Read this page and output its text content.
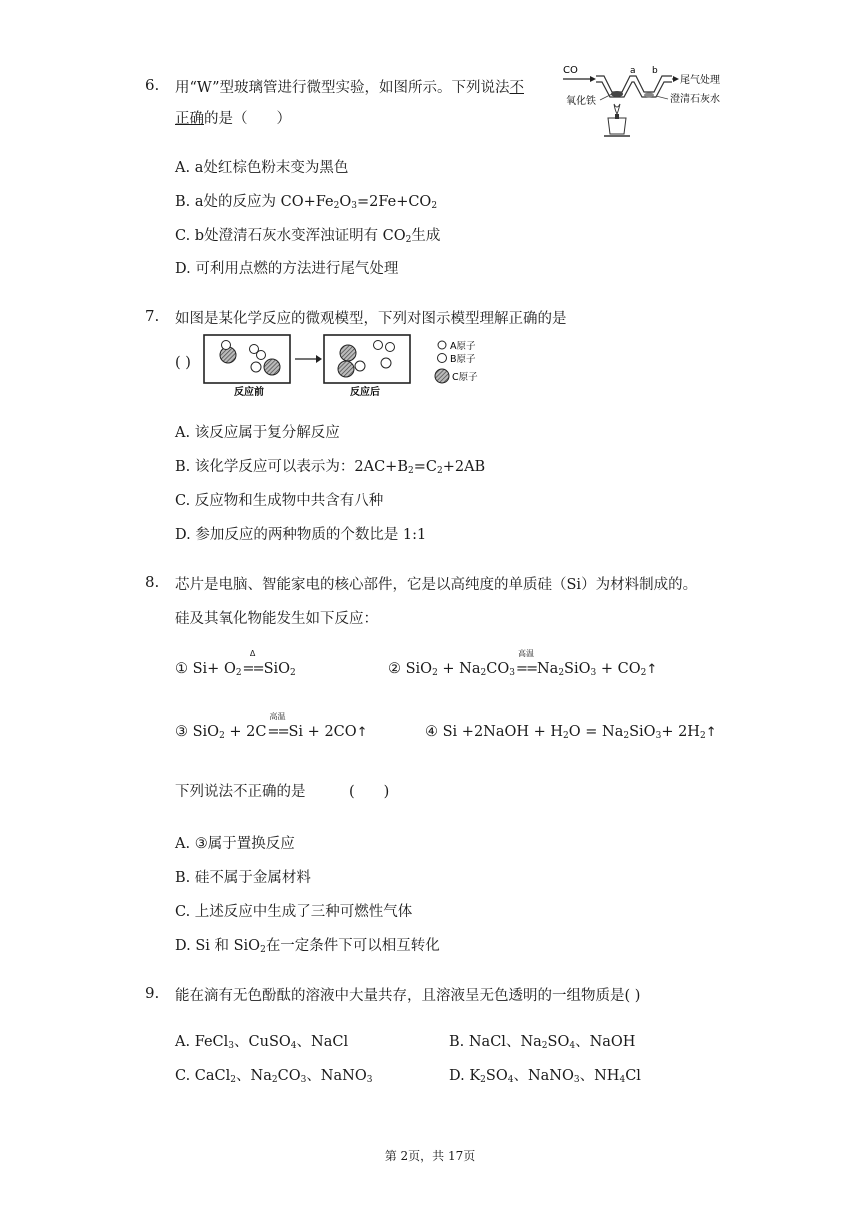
6. 用“W”型玻璃管进行微型实验，如图所示。下列说法不
正确的是（　　）
CO	a b
尾气处理
氧化铁	澄清石灰水
A. a处红棕色粉末变为黑色
B. a处的反应为 $CO+Fe_2O_3=2Fe+CO_2$
C. b处澄清石灰水变浑浊证明有 $CO_2$生成
D. 可利用点燃的方法进行尾气处理
7. 如图是某化学反应的微观模型，下列对图示模型理解正确的是
( )
反应前	反应后
A原子
B原子
C原子
A. 该反应属于复分解反应
B. 该化学反应可以表示为：$2AC+B_2=C_2+2AB$
C. 反应物和生成物中共含有八种
D. 参加反应的两种物质的个数比是 1:1
8. 芯片是电脑、智能家电的核心部件，它是以高纯度的单质硅（Si）为材料制成的。
硅及其氧化物能发生如下反应：
① $Si+ O_2$
Δ
==SiO$_2$	② $SiO_2 + Na_2CO_3$
高温
$==Na_2SiO_3$ + $CO_2↑$
③ SiO$_2$ + 2C
高温
==Si + 2CO↑	④ Si +2NaOH + $H_2O = Na_2SiO_3+$ $2H_2↑$
下列说法不正确的是　　　(　　)
A. ③属于置换反应
B. 硅不属于金属材料
C. 上述反应中生成了三种可燃性气体
D. Si 和 SiO$_2$在一定条件下可以相互转化
9. 能在滴有无色酚酞的溶液中大量共存，且溶液呈无色透明的一组物质是( )
A. FeCl$_3$、CuSO$_4$、NaCl	B. NaCl、$Na_2SO_4$、NaOH
C. CaCl$_2$、$Na_2CO_3$、NaNO$_3$	D. $K_2SO_4$、NaNO$_3$、$NH_4Cl$
第 2页，共 17页
